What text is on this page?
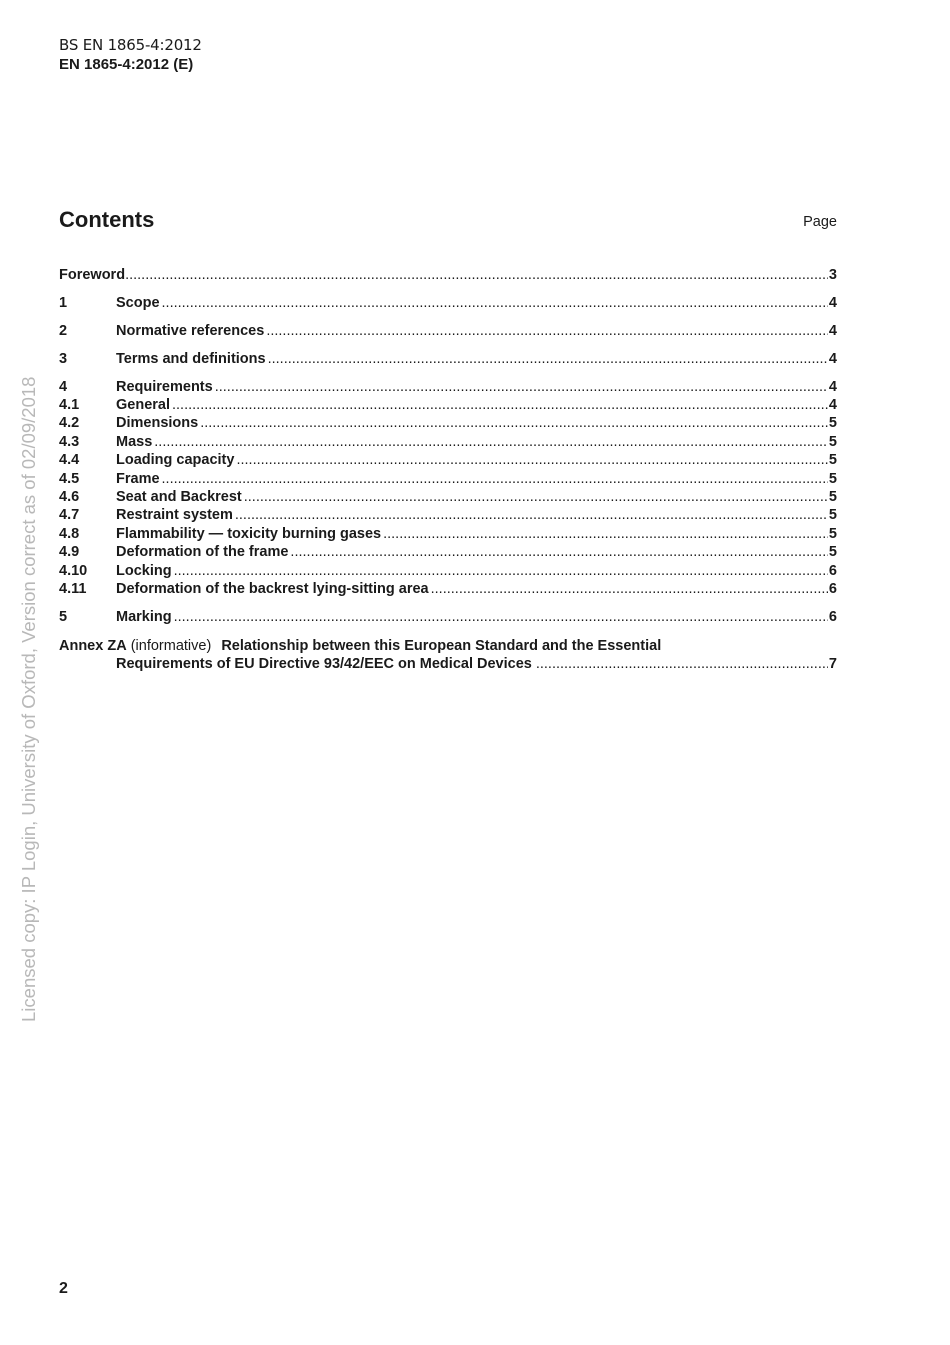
BS EN 1865-4:2012
EN 1865-4:2012 (E)
Contents	Page
Foreword .....	3
1	Scope .....	4
2	Normative references .....	4
3	Terms and definitions .....	4
4	Requirements .....	4
4.1	General .....	4
4.2	Dimensions .....	5
4.3	Mass .....	5
4.4	Loading capacity .....	5
4.5	Frame .....	5
4.6	Seat and Backrest .....	5
4.7	Restraint system .....	5
4.8	Flammability — toxicity burning gases .....	5
4.9	Deformation of the frame .....	5
4.10	Locking .....	6
4.11	Deformation of the backrest lying-sitting area .....	6
5	Marking .....	6
Annex ZA (informative) Relationship between this European Standard and the Essential
Requirements of EU Directive 93/42/EEC on Medical Devices .....	7
Licensed copy: IP Login, University of Oxford, Version correct as of 02/09/2018
2
